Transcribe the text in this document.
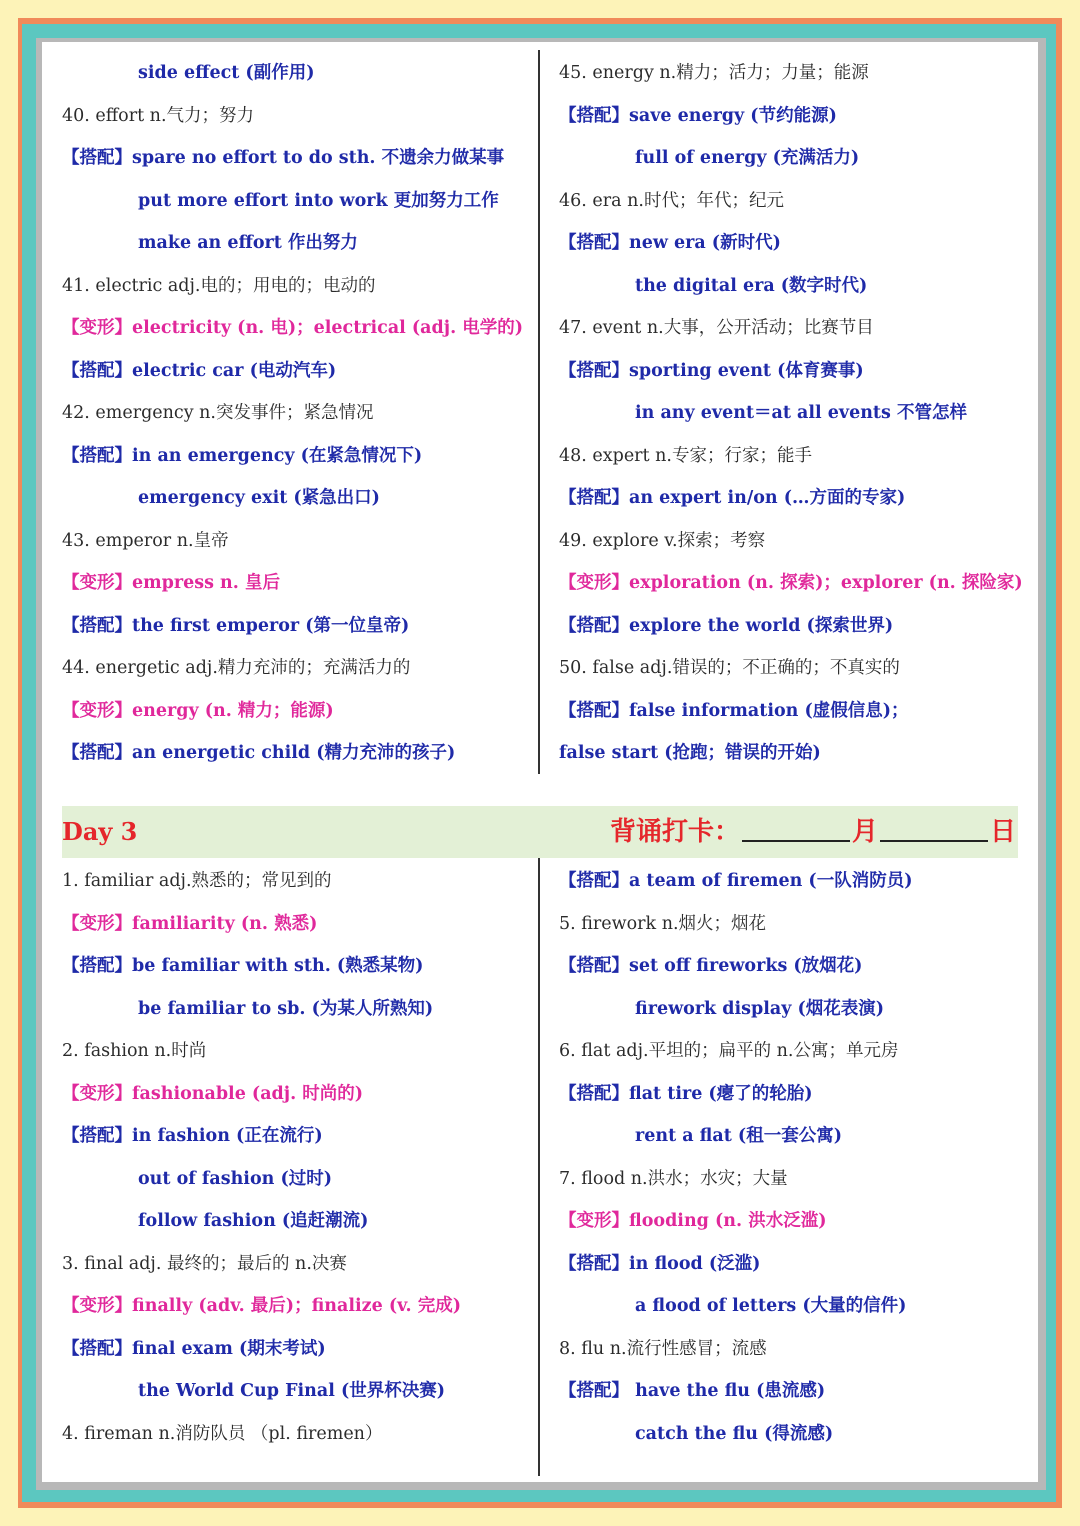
side effect (副作用)
40. effort n.气力；努力
【搭配】spare no effort to do sth. 不遗余力做某事
put more effort into work 更加努力工作
make an effort 作出努力
41. electric adj.电的；用电的；电动的
【变形】electricity (n. 电)；electrical (adj. 电学的)
【搭配】electric car (电动汽车)
42. emergency n.突发事件；紧急情况
【搭配】in an emergency (在紧急情况下)
emergency exit (紧急出口)
43. emperor n.皇帝
【变形】empress n. 皇后
【搭配】the first emperor (第一位皇帝)
44. energetic adj.精力充沛的；充满活力的
【变形】energy (n. 精力；能源)
【搭配】an energetic child (精力充沛的孩子)
45. energy n.精力；活力；力量；能源
【搭配】save energy (节约能源)
full of energy (充满活力)
46. era n.时代；年代；纪元
【搭配】new era (新时代)
the digital era (数字时代)
47. event n.大事，公开活动；比赛节目
【搭配】sporting event (体育赛事)
in any event＝at all events 不管怎样
48. expert n.专家；行家；能手
【搭配】an expert in/on (…方面的专家)
49. explore v.探索；考察
【变形】exploration (n. 探索)；explorer (n. 探险家)
【搭配】explore the world (探索世界)
50. false adj.错误的；不正确的；不真实的
【搭配】false information (虚假信息)；
false start (抢跑；错误的开始)
Day 3	背诵打卡：	月	日
1. familiar adj.熟悉的；常见到的
【变形】familiarity (n. 熟悉)
【搭配】be familiar with sth. (熟悉某物)
be familiar to sb. (为某人所熟知)
2. fashion n.时尚
【变形】fashionable (adj. 时尚的)
【搭配】in fashion (正在流行)
out of fashion (过时)
follow fashion (追赶潮流)
3. final adj. 最终的；最后的 n.决赛
【变形】finally (adv. 最后)；finalize (v. 完成)
【搭配】final exam (期末考试)
the World Cup Final (世界杯决赛)
4. fireman n.消防队员 （pl. firemen）
【搭配】a team of firemen (一队消防员)
5. firework n.烟火；烟花
【搭配】set off fireworks (放烟花)
firework display (烟花表演)
6. flat adj.平坦的；扁平的 n.公寓；单元房
【搭配】flat tire (瘪了的轮胎)
rent a flat (租一套公寓)
7. flood n.洪水；水灾；大量
【变形】flooding (n. 洪水泛滥)
【搭配】in flood (泛滥)
a flood of letters (大量的信件)
8. flu n.流行性感冒；流感
【搭配】 have the flu (患流感)
catch the flu (得流感)
